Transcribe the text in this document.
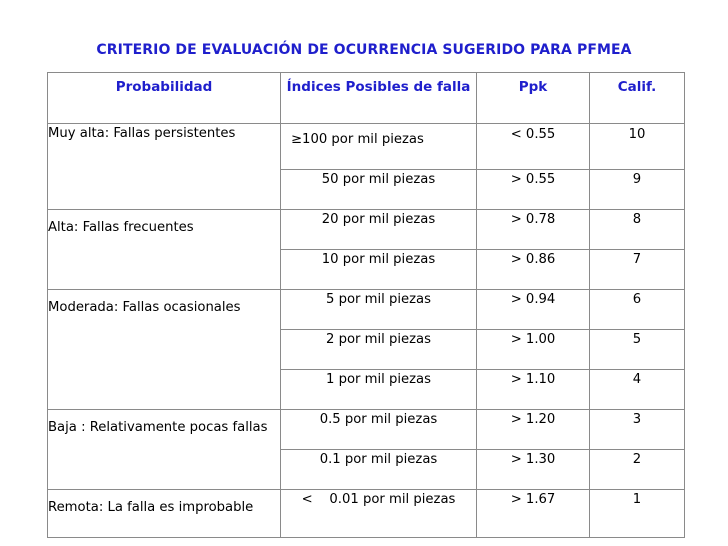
CRITERIO DE EVALUACIÓN DE OCURRENCIA SUGERIDO PARA PFMEA
Probabilidad	Índices Posibles de falla	Ppk	Calif.
Muy alta: Fallas persistentes	≥100 por mil piezas	< 0.55	10
	50 por mil piezas	> 0.55	9
Alta: Fallas frecuentes	20 por mil piezas	> 0.78	8
	10 por mil piezas	> 0.86	7
Moderada: Fallas ocasionales	5 por mil piezas	> 0.94	6
	2 por mil piezas	> 1.00	5
	1 por mil piezas	> 1.10	4
Baja : Relativamente pocas fallas	0.5 por mil piezas	> 1.20	3
	0.1 por mil piezas	> 1.30	2
Remota: La falla es improbable	<    0.01 por mil piezas	> 1.67	1
